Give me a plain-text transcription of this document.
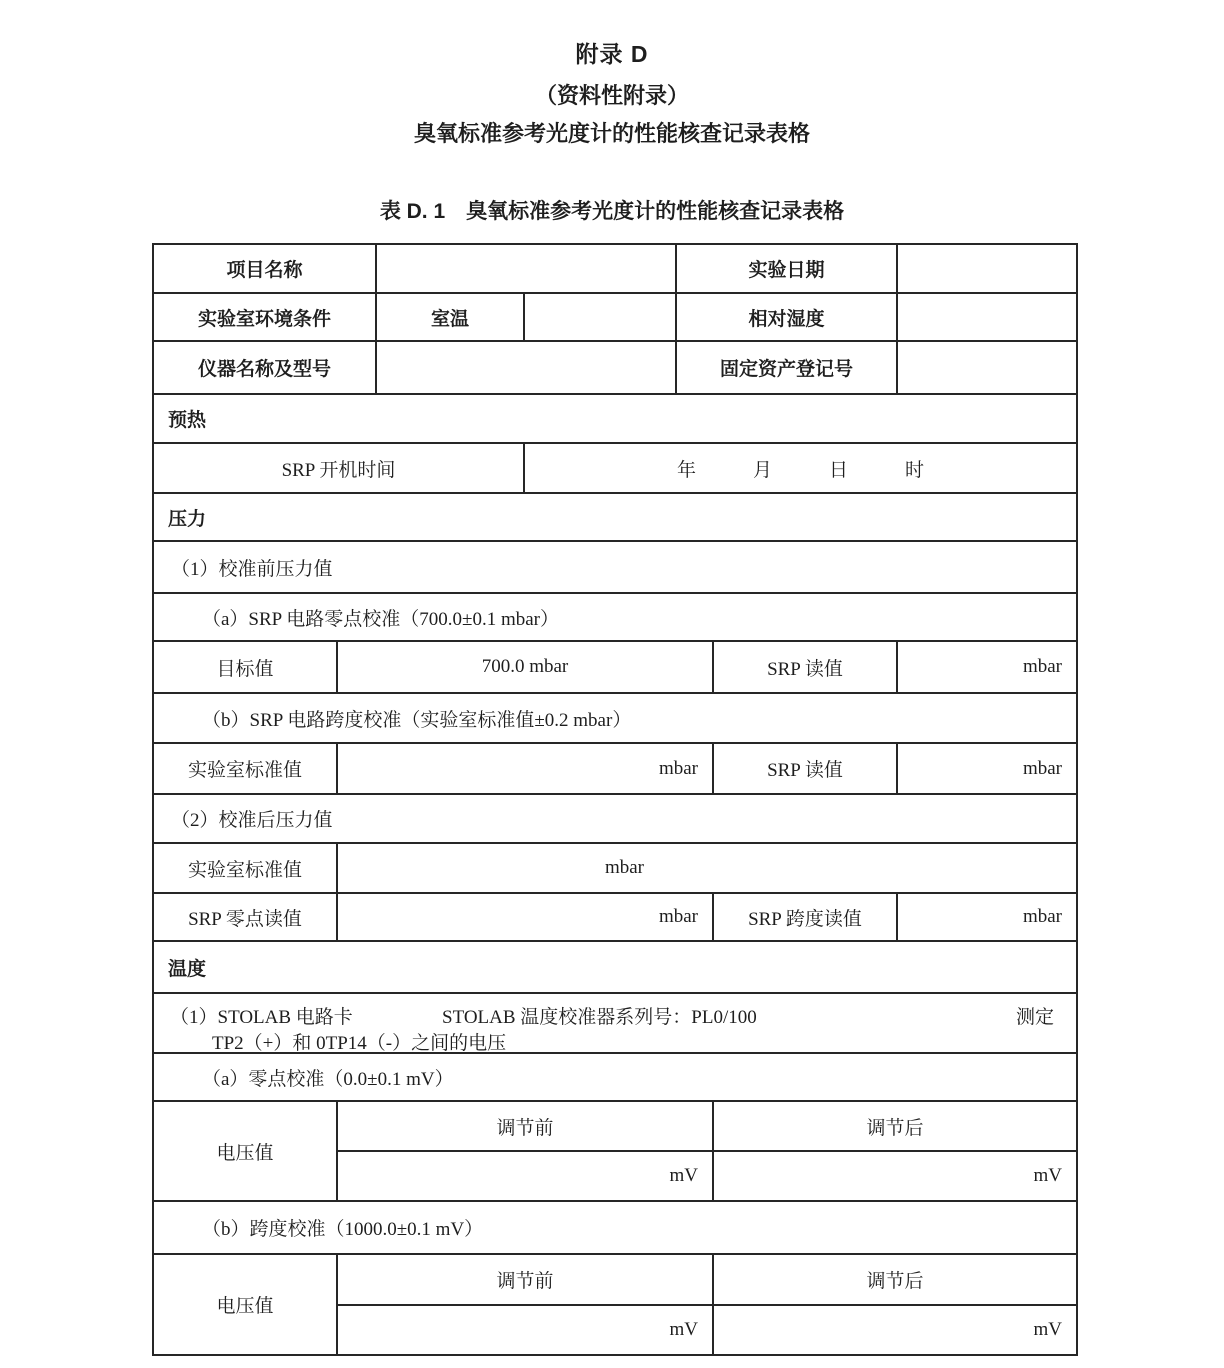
附录 D
（资料性附录）
臭氧标准参考光度计的性能核查记录表格
表 D. 1　臭氧标准参考光度计的性能核查记录表格
项目名称	实验日期
实验室环境条件	室温	相对湿度
仪器名称及型号	固定资产登记号
预热
SRP 开机时间	年　　　月　　　日　　　时
压力
（1）校准前压力值
（a）SRP 电路零点校准（700.0±0.1 mbar）
目标值	700.0 mbar	SRP 读值	mbar
（b）SRP 电路跨度校准（实验室标准值±0.2 mbar）
实验室标准值	mbar	SRP 读值	mbar
（2）校准后压力值
实验室标准值	mbar
SRP 零点读值	mbar	SRP 跨度读值	mbar
温度
（1）STOLAB 电路卡	STOLAB 温度校准器系列号：PL0/100	测定
TP2（+）和 0TP14（-）之间的电压
（a）零点校准（0.0±0.1 mV）
电压值
调节前	调节后
mV	mV
（b）跨度校准（1000.0±0.1 mV）
电压值
调节前	调节后
mV	mV
